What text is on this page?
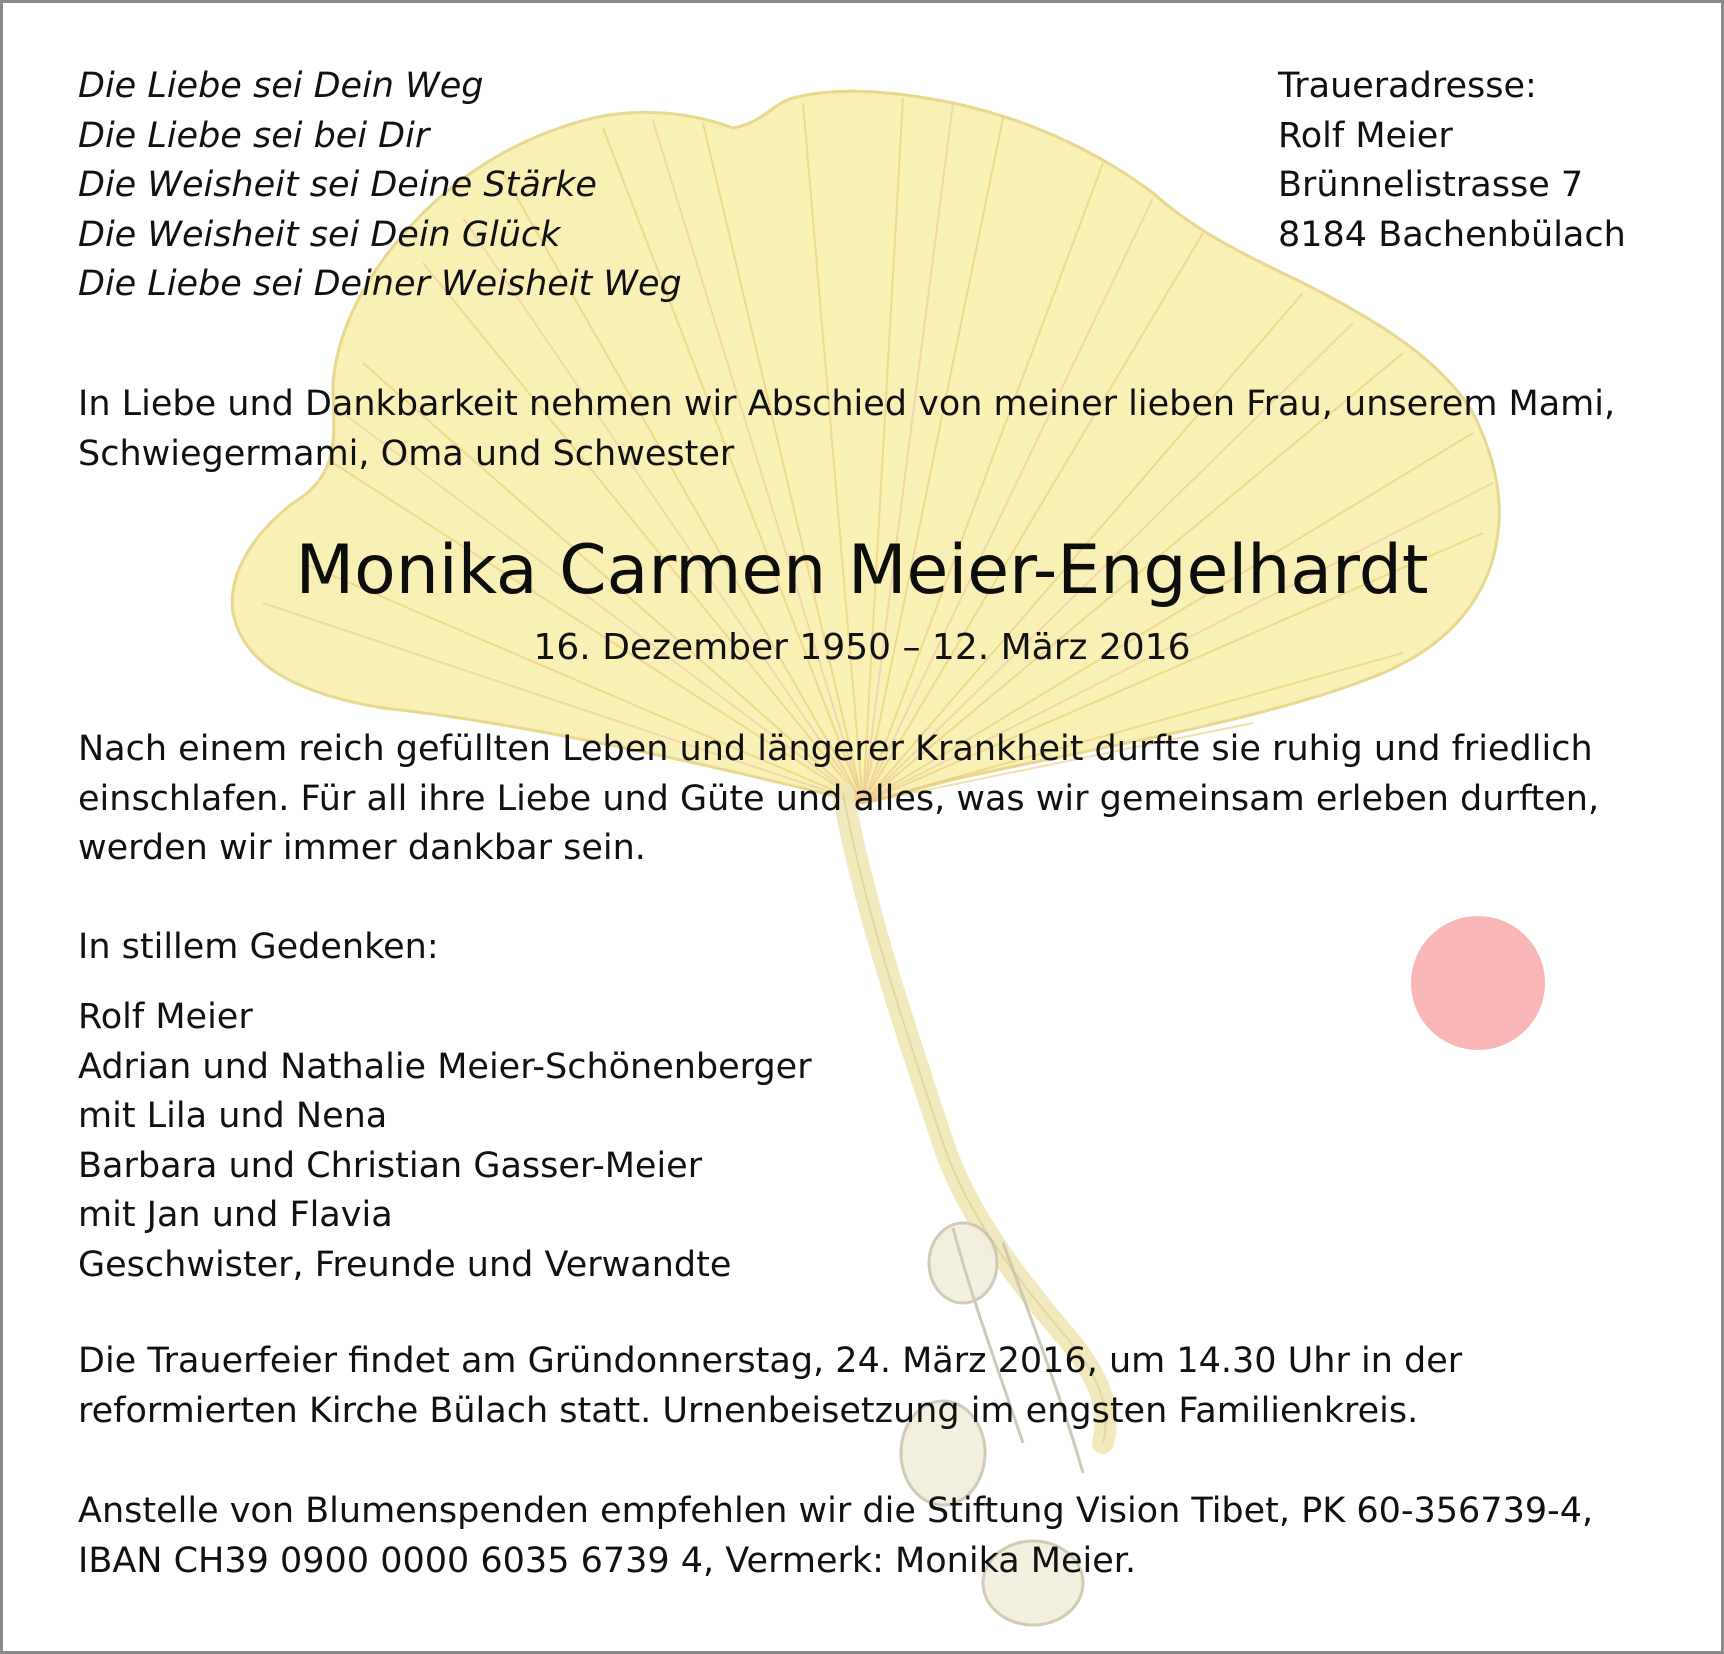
Die Liebe sei Dein Weg
Die Liebe sei bei Dir
Die Weisheit sei Deine Stärke
Die Weisheit sei Dein Glück
Die Liebe sei Deiner Weisheit Weg
Traueradresse:
Rolf Meier
Brünnelistrasse 7
8184 Bachenbülach
In Liebe und Dankbarkeit nehmen wir Abschied von meiner lieben Frau, unserem Mami,
Schwiegermami, Oma und Schwester
Monika Carmen Meier-Engelhardt
16. Dezember 1950 – 12. März 2016
Nach einem reich gefüllten Leben und längerer Krankheit durfte sie ruhig und friedlich
einschlafen. Für all ihre Liebe und Güte und alles, was wir gemeinsam erleben durften,
werden wir immer dankbar sein.
In stillem Gedenken:
Rolf Meier
Adrian und Nathalie Meier-Schönenberger
mit Lila und Nena
Barbara und Christian Gasser-Meier
mit Jan und Flavia
Geschwister, Freunde und Verwandte
Die Trauerfeier findet am Gründonnerstag, 24. März 2016, um 14.30 Uhr in der
reformierten Kirche Bülach statt. Urnenbeisetzung im engsten Familienkreis.
Anstelle von Blumenspenden empfehlen wir die Stiftung Vision Tibet, PK 60-356739-4,
IBAN CH39 0900 0000 6035 6739 4, Vermerk: Monika Meier.
